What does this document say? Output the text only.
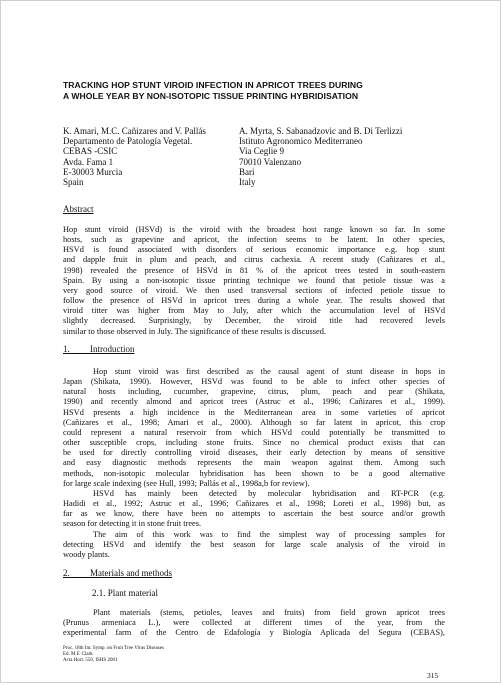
TRACKING HOP STUNT VIROID INFECTION IN APRICOT TREES DURING
A WHOLE YEAR BY NON-ISOTOPIC TISSUE PRINTING HYBRIDISATION
K. Amari, M.C. Cañizares and V. Pallás
Departamento de Patología Vegetal.
CEBAS -CSIC
Avda. Fama 1
E-30003 Murcia
Spain
A. Myrta, S. Sabanadzovic and B. Di Terlizzi
Istituto Agronomico Mediterraneo
Via Ceglie 9
70010 Valenzano
Bari
Italy
Abstract
Hop stunt viroid (HSVd) is the viroid with the broadest host range known so far. In some
hosts, such as grapevine and apricot, the infection seems to be latent. In other species,
HSVd is found associated with disorders of serious economic importance e.g. hop stunt
and dapple fruit in plum and peach, and citrus cachexia. A recent study (Cañizares et al.,
1998) revealed the presence of HSVd in 81 % of the apricot trees tested in south-eastern
Spain. By using a non-isotopic tissue printing technique we found that petiole tissue was a
very good source of viroid. We then used transversal sections of infected petiole tissue to
follow the presence of HSVd in apricot trees during a whole year. The results showed that
viroid titter was higher from May to July, after which the accumulation level of HSVd
slightly decreased. Surprisingly, by December, the viroid title had recovered levels
similar to those observed in July. The significance of these results is discussed.
1. Introduction
Hop stunt viroid was first described as the causal agent of stunt disease in hops in
Japan (Shikata, 1990). However, HSVd was found to be able to infect other species of
natural hosts including, cucumber, grapevine, citrus, plum, peach and pear (Shikata,
1990) and recently almond and apricot trees (Astruc et al., 1996; Cañizares et al., 1999).
HSVd presents a high incidence in the Mediterranean area in some varieties of apricot
(Cañizares et al., 1998; Amari et al., 2000). Although so far latent in apricot, this crop
could represent a natural reservoir from which HSVd could potentially be transmitted to
other susceptible crops, including stone fruits. Since no chemical product exists that can
be used for directly controlling viroid diseases, their early detection by means of sensitive
and easy diagnostic methods represents the main weapon against them. Among such
methods, non-isotopic molecular hybridisation has been shown to be a good alternative
for large scale indexing (see Hull, 1993; Pallás et al., 1998a,b for review).
HSVd has mainly been detected by molecular hybridisation and RT-PCR (e.g.
Hadidi et al., 1992; Astruc et al., 1996; Cañizares et al., 1998; Loreti et al., 1998) but, as
far as we know, there have been no attempts to ascertain the best source and/or growth
season for detecting it in stone fruit trees.
The aim of this work was to find the simplest way of processing samples for
detecting HSVd and identify the best season for large scale analysis of the viroid in
woody plants.
2. Materials and methods
2.1. Plant material
Plant materials (stems, petioles, leaves and fruits) from field grown apricot trees
(Prunus armeniaca L.), were collected at different times of the year, from the
experimental farm of the Centro de Edafología y Biología Aplicada del Segura (CEBAS),
Proc. 18th Int. Symp. on Fruit Tree Virus Diseases
Ed. M.F. Clark
Acta Hort. 550, ISHS 2001
315
